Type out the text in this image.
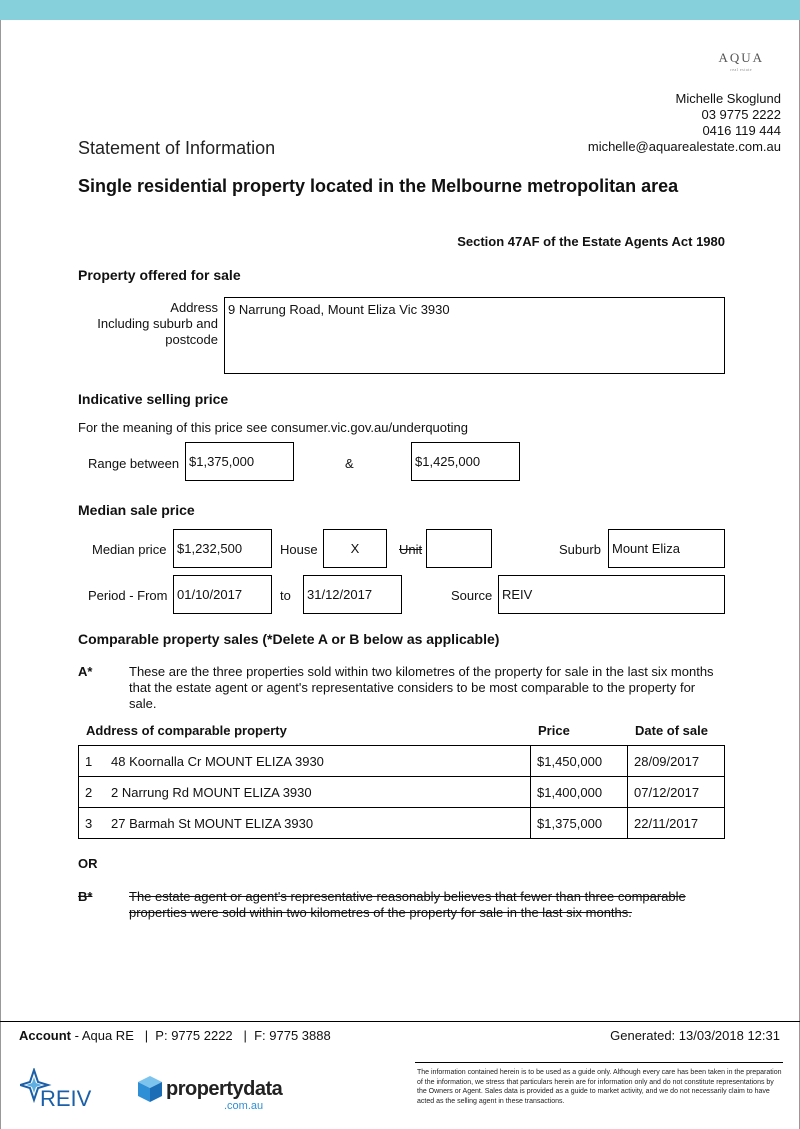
AQUA
real estate
Michelle Skoglund
03 9775 2222
0416 119 444
michelle@aquarealestate.com.au
Statement of Information
Single residential property located in the Melbourne metropolitan area
Section 47AF of the Estate Agents Act 1980
Property offered for sale
Address
Including suburb and
postcode
9 Narrung Road, Mount Eliza Vic 3930
Indicative selling price
For the meaning of this price see consumer.vic.gov.au/underquoting
Range between $1,375,000	&	$1,425,000
Median sale price
Median price $1,232,500	House	X	Unit	Suburb Mount Eliza
Period - From 01/10/2017	to	31/12/2017	Source REIV
Comparable property sales (*Delete A or B below as applicable)
A*	These are the three properties sold within two kilometres of the property for sale in the last six months that the estate agent or agent's representative considers to be most comparable to the property for sale.
Address of comparable property	Price	Date of sale
1 48 Koornalla Cr MOUNT ELIZA 3930	$1,450,000	28/09/2017
2 2 Narrung Rd MOUNT ELIZA 3930	$1,400,000	07/12/2017
3 27 Barmah St MOUNT ELIZA 3930	$1,375,000	22/11/2017
OR
B*	The estate agent or agent's representative reasonably believes that fewer than three comparable properties were sold within two kilometres of the property for sale in the last six months.
Account - Aqua RE   |  P: 9775 2222   |  F: 9775 3888	Generated: 13/03/2018 12:31
The information contained herein is to be used as a guide only. Although every care has been taken in the preparation of the information, we stress that particulars herein are for information only and do not constitute representations by the Owners or Agent. Sales data is provided as a guide to market activity, and we do not necessarily claim to have acted as the selling agent in these transactions.
REIV	propertydata
.com.au
